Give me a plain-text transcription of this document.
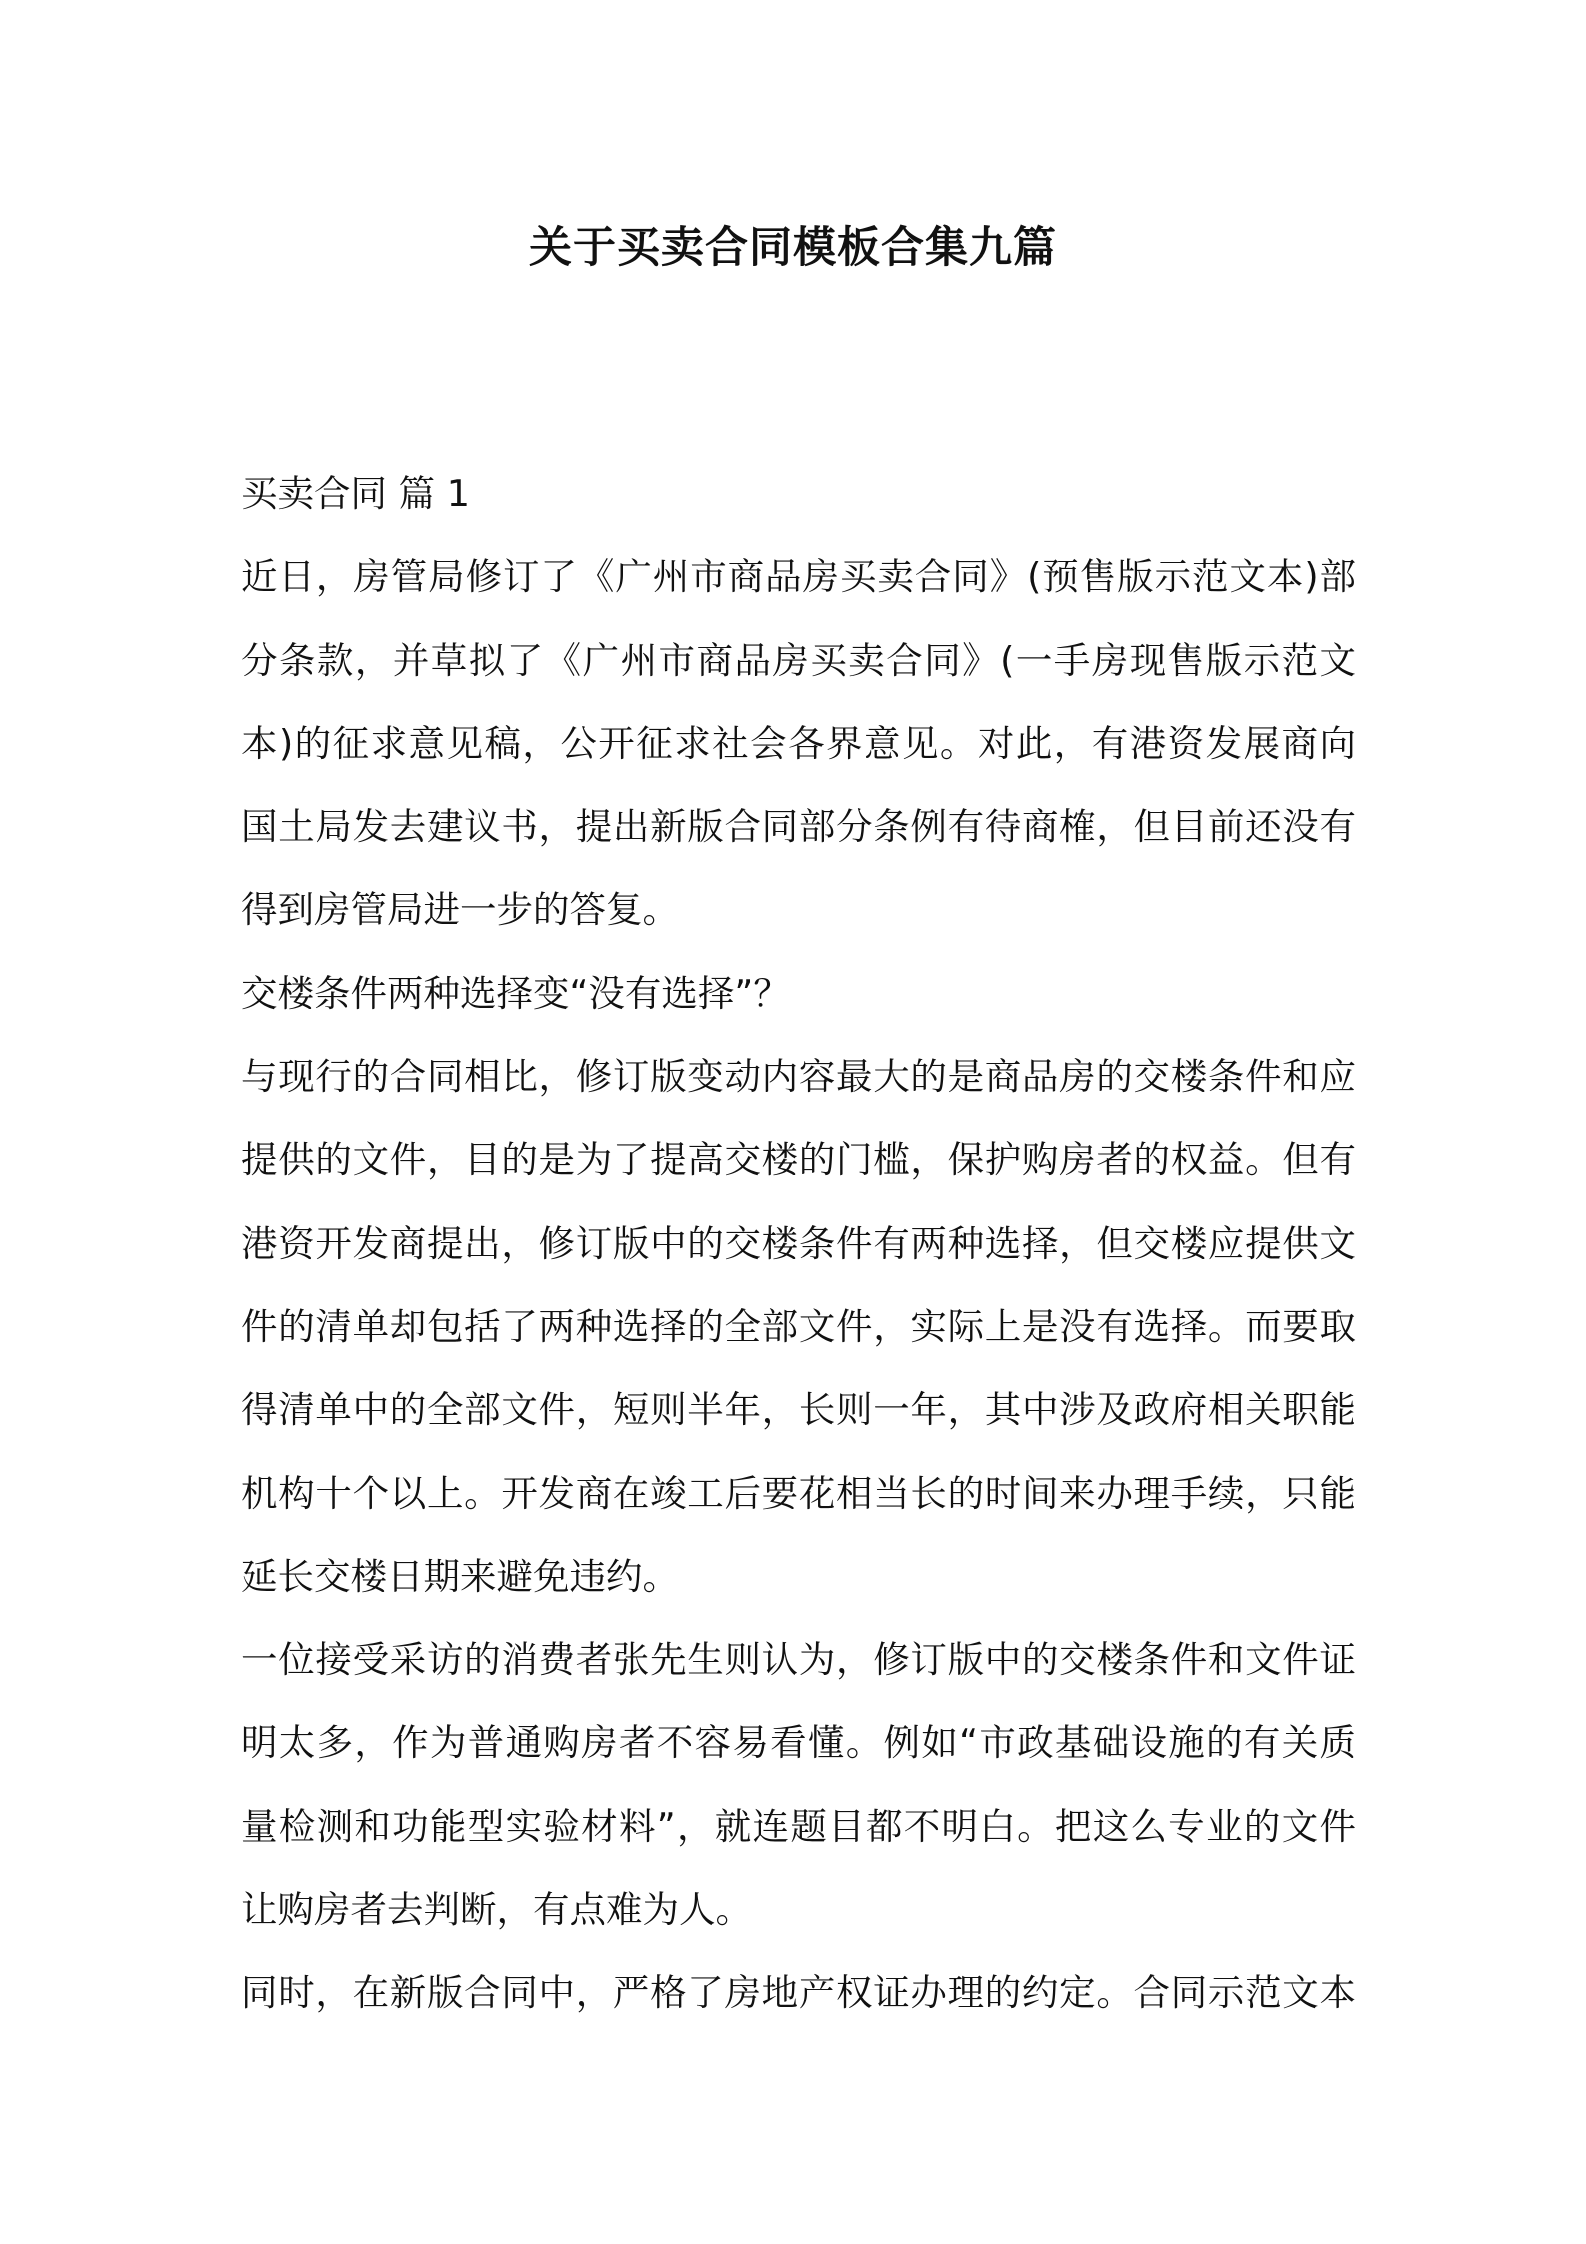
关于买卖合同模板合集九篇
买卖合同 篇 1
近日，房管局修订了《广州市商品房买卖合同》(预售版示范文本)部
分条款，并草拟了《广州市商品房买卖合同》(一手房现售版示范文
本)的征求意见稿，公开征求社会各界意见。对此，有港资发展商向
国土局发去建议书，提出新版合同部分条例有待商榷，但目前还没有
得到房管局进一步的答复。
交楼条件两种选择变“没有选择”？
与现行的合同相比，修订版变动内容最大的是商品房的交楼条件和应
提供的文件，目的是为了提高交楼的门槛，保护购房者的权益。但有
港资开发商提出，修订版中的交楼条件有两种选择，但交楼应提供文
件的清单却包括了两种选择的全部文件，实际上是没有选择。而要取
得清单中的全部文件，短则半年，长则一年，其中涉及政府相关职能
机构十个以上。开发商在竣工后要花相当长的时间来办理手续，只能
延长交楼日期来避免违约。
一位接受采访的消费者张先生则认为，修订版中的交楼条件和文件证
明太多，作为普通购房者不容易看懂。例如“市政基础设施的有关质
量检测和功能型实验材料”，就连题目都不明白。把这么专业的文件
让购房者去判断，有点难为人。
同时，在新版合同中，严格了房地产权证办理的约定。合同示范文本
